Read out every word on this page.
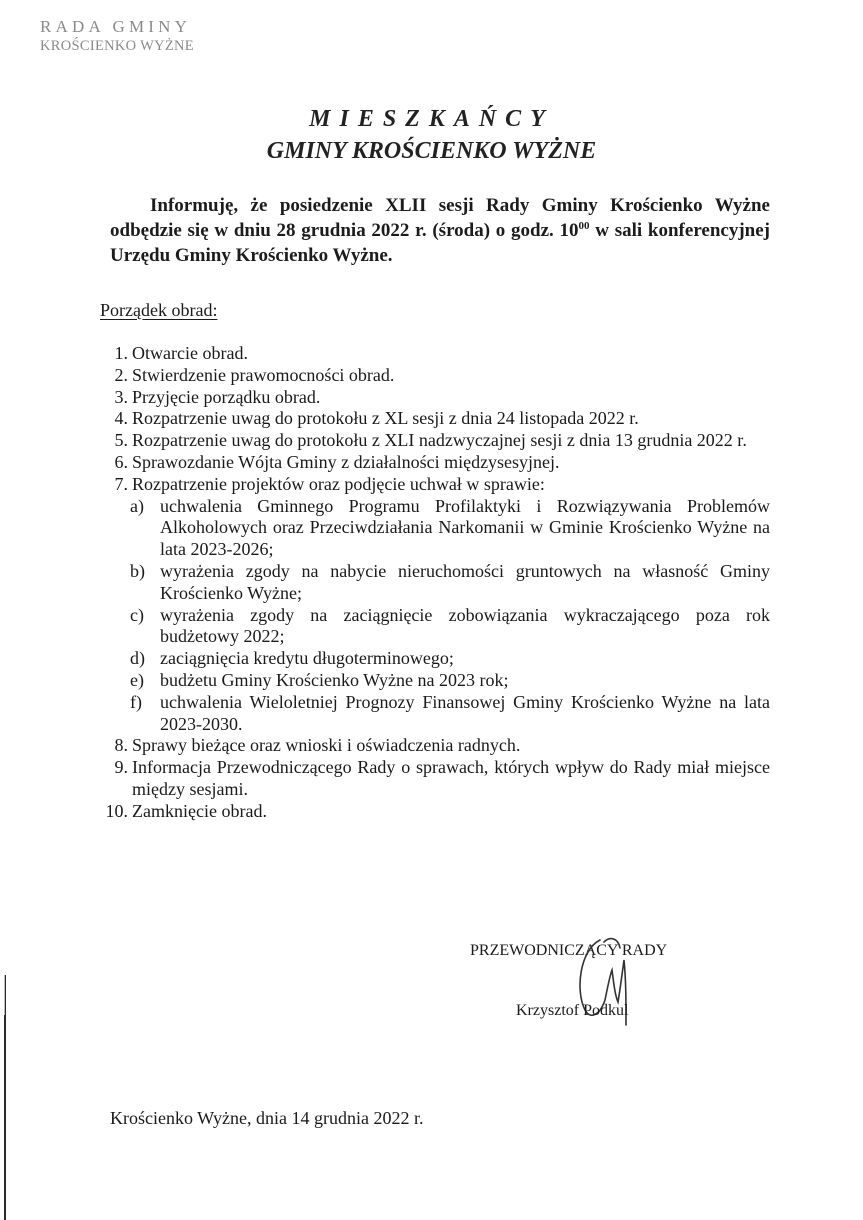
RADA GMINY
KROŚCIENKO WYŻNE
MIESZKAŃCY
GMINY KROŚCIENKO WYŻNE
Informuję, że posiedzenie XLII sesji Rady Gminy Krościenko Wyżne odbędzie się w dniu 28 grudnia 2022 r. (środa) o godz. $10^{00}$ w sali konferencyjnej Urzędu Gminy Krościenko Wyżne.
Porządek obrad:
1. Otwarcie obrad.
2. Stwierdzenie prawomocności obrad.
3. Przyjęcie porządku obrad.
4. Rozpatrzenie uwag do protokołu z XL sesji z dnia 24 listopada 2022 r.
5. Rozpatrzenie uwag do protokołu z XLI nadzwyczajnej sesji z dnia 13 grudnia 2022 r.
6. Sprawozdanie Wójta Gminy z działalności międzysesyjnej.
7. Rozpatrzenie projektów oraz podjęcie uchwał w sprawie:
a) uchwalenia Gminnego Programu Profilaktyki i Rozwiązywania Problemów Alkoholowych oraz Przeciwdziałania Narkomanii w Gminie Krościenko Wyżne na lata 2023-2026;
b) wyrażenia zgody na nabycie nieruchomości gruntowych na własność Gminy Krościenko Wyżne;
c) wyrażenia zgody na zaciągnięcie zobowiązania wykraczającego poza rok budżetowy 2022;
d) zaciągnięcia kredytu długoterminowego;
e) budżetu Gminy Krościenko Wyżne na 2023 rok;
f)	uchwalenia Wieloletniej Prognozy Finansowej Gminy Krościenko Wyżne na lata 2023-2030.
8. Sprawy bieżące oraz wnioski i oświadczenia radnych.
9. Informacja Przewodniczącego Rady o sprawach, których wpływ do Rady miał miejsce między sesjami.
10. Zamknięcie obrad.
PRZEWODNICZĄCY RADY
Krzysztof Podkul
Krościenko Wyżne, dnia 14 grudnia 2022 r.
